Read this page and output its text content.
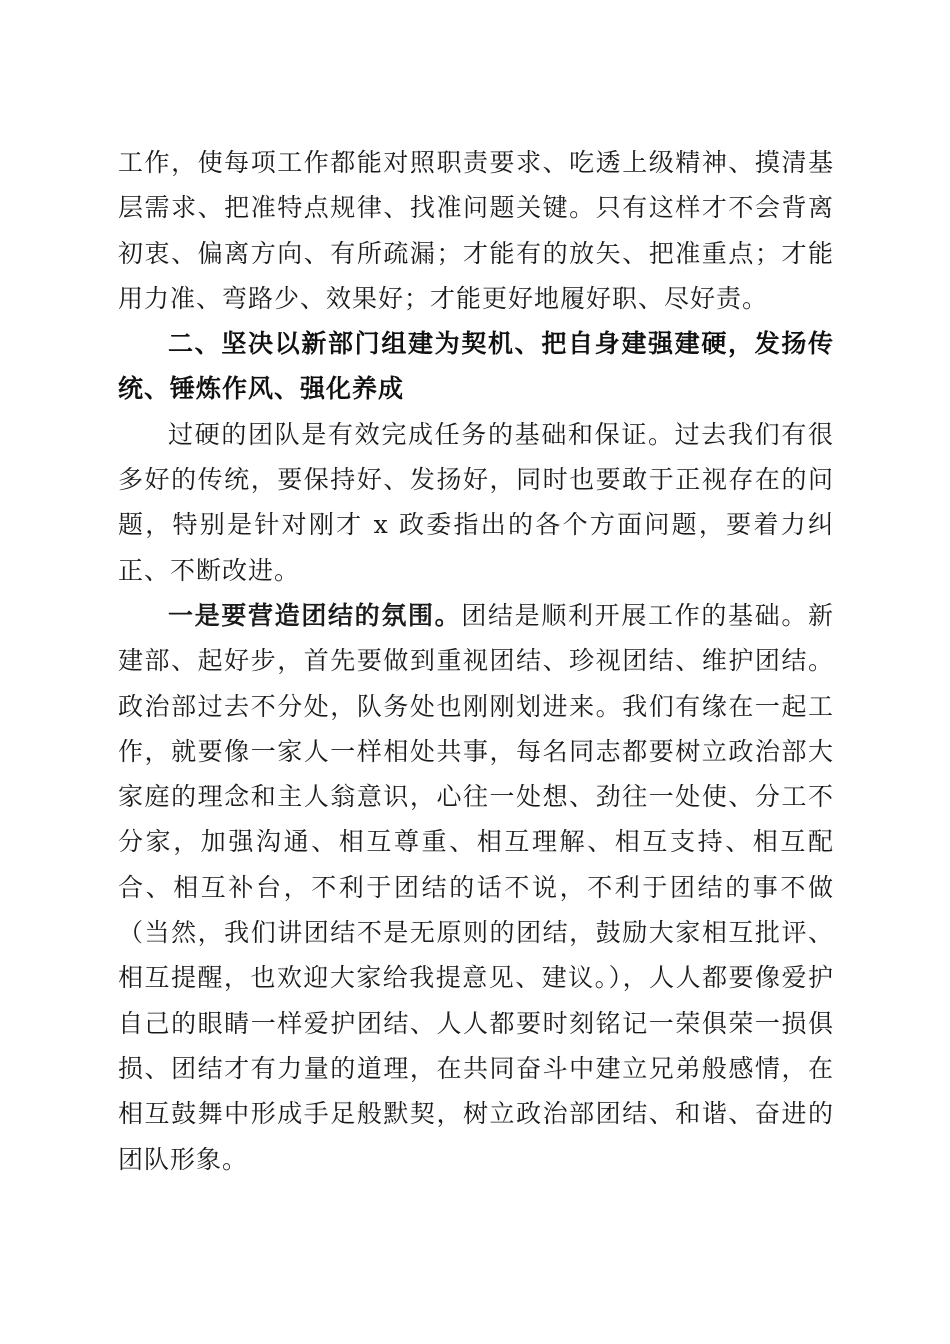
工作，使每项工作都能对照职责要求、吃透上级精神、摸清基层需求、把准特点规律、找准问题关键。只有这样才不会背离初衷、偏离方向、有所疏漏；才能有的放矢、把准重点；才能用力准、弯路少、效果好；才能更好地履好职、尽好责。

二、坚决以新部门组建为契机、把自身建强建硬，发扬传统、锤炼作风、强化养成

过硬的团队是有效完成任务的基础和保证。过去我们有很多好的传统，要保持好、发扬好，同时也要敢于正视存在的问题，特别是针对刚才 x 政委指出的各个方面问题，要着力纠正、不断改进。

一是要营造团结的氛围。团结是顺利开展工作的基础。新建部、起好步，首先要做到重视团结、珍视团结、维护团结。政治部过去不分处，队务处也刚刚划进来。我们有缘在一起工作，就要像一家人一样相处共事，每名同志都要树立政治部大家庭的理念和主人翁意识，心往一处想、劲往一处使、分工不分家，加强沟通、相互尊重、相互理解、相互支持、相互配合、相互补台，不利于团结的话不说，不利于团结的事不做（当然，我们讲团结不是无原则的团结，鼓励大家相互批评、相互提醒，也欢迎大家给我提意见、建议。），人人都要像爱护自己的眼睛一样爱护团结、人人都要时刻铭记一荣俱荣一损俱损、团结才有力量的道理，在共同奋斗中建立兄弟般感情，在相互鼓舞中形成手足般默契，树立政治部团结、和谐、奋进的团队形象。
